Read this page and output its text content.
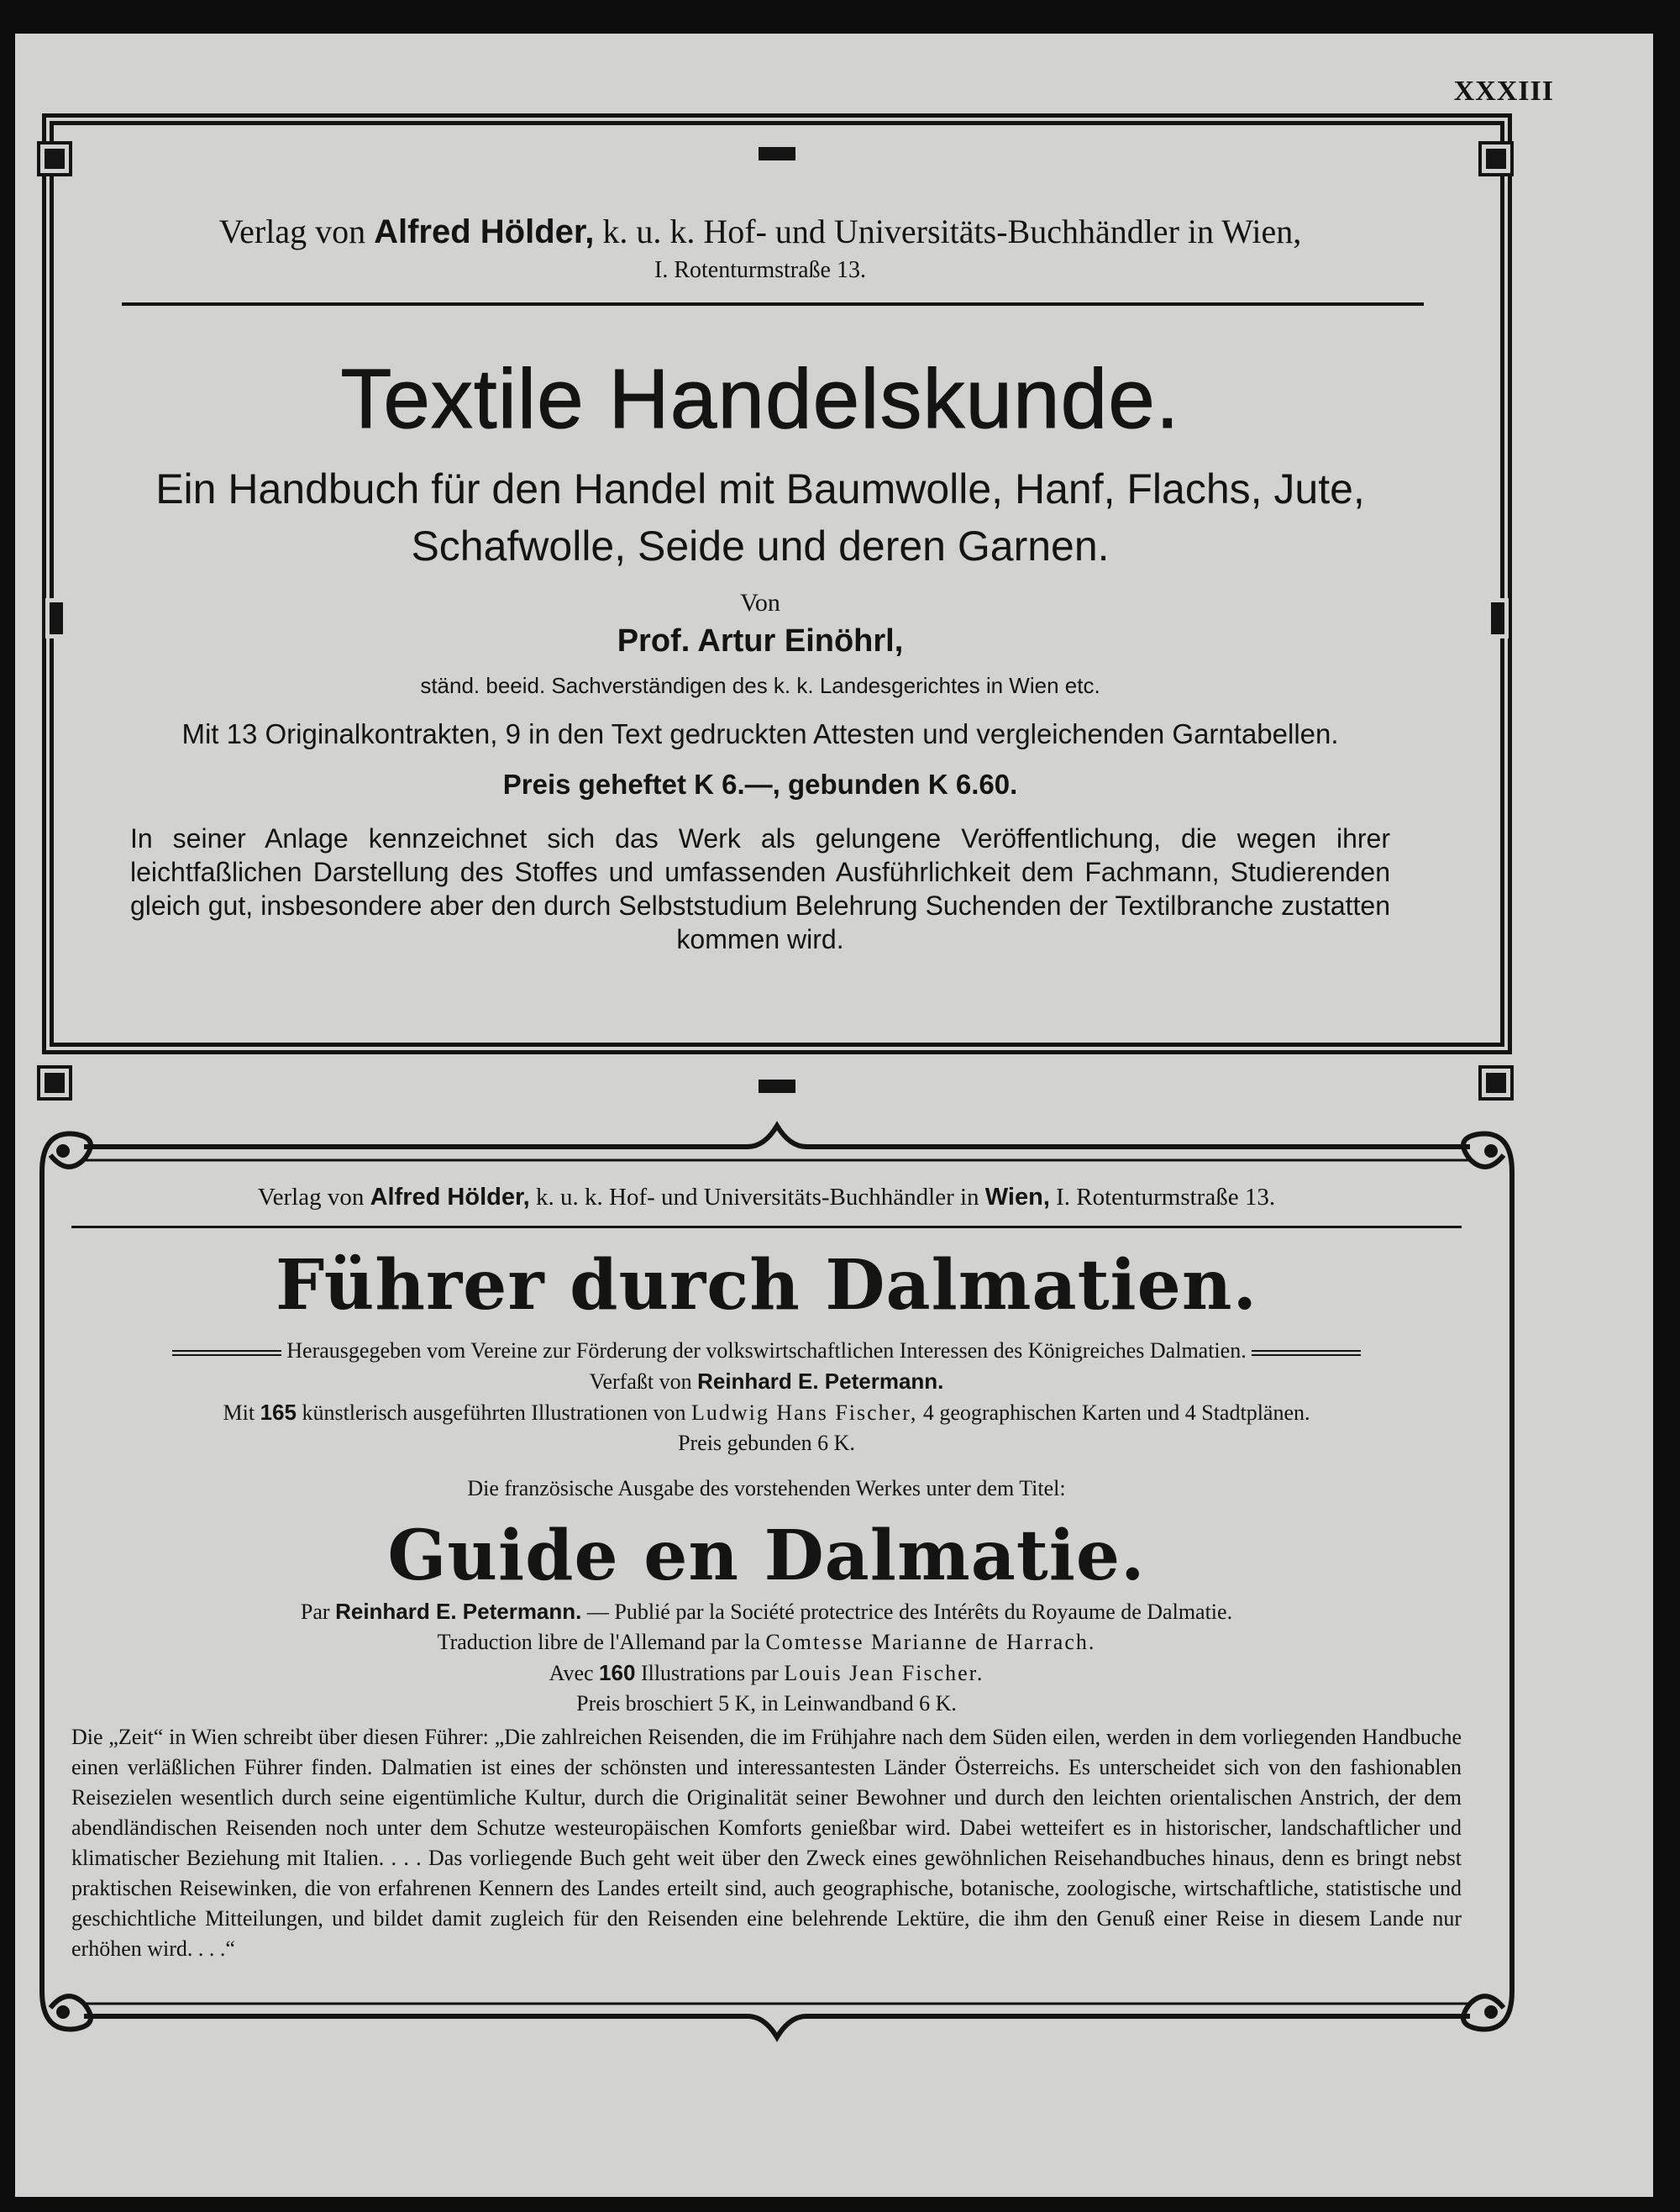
XXXIII
Verlag von Alfred Hölder, k. u. k. Hof- und Universitäts-Buchhändler in Wien,
I. Rotenturmstraße 13.
Textile Handelskunde.
Ein Handbuch für den Handel mit Baumwolle, Hanf, Flachs, Jute,
Schafwolle, Seide und deren Garnen.
Von
Prof. Artur Einöhrl,
ständ. beeid. Sachverständigen des k. k. Landesgerichtes in Wien etc.
Mit 13 Originalkontrakten, 9 in den Text gedruckten Attesten und vergleichenden Garntabellen.
Preis geheftet K 6.—, gebunden K 6.60.
In seiner Anlage kennzeichnet sich das Werk als gelungene Veröffentlichung, die wegen ihrer leichtfaßlichen Darstellung des Stoffes und umfassenden Ausführlichkeit dem Fachmann, Studierenden gleich gut, insbesondere aber den durch Selbststudium Belehrung Suchenden der Textilbranche zustatten kommen wird.
Verlag von Alfred Hölder, k. u. k. Hof- und Universitäts-Buchhändler in Wien, I. Rotenturmstraße 13.
Führer durch Dalmatien.
Herausgegeben vom Vereine zur Förderung der volkswirtschaftlichen Interessen des Königreiches Dalmatien.
Verfaßt von Reinhard E. Petermann.
Mit 165 künstlerisch ausgeführten Illustrationen von Ludwig Hans Fischer, 4 geographischen Karten und 4 Stadtplänen.
Preis gebunden 6 K.
Die französische Ausgabe des vorstehenden Werkes unter dem Titel:
Guide en Dalmatie.
Par Reinhard E. Petermann. — Publié par la Société protectrice des Intérêts du Royaume de Dalmatie.
Traduction libre de l'Allemand par la Comtesse Marianne de Harrach.
Avec 160 Illustrations par Louis Jean Fischer.
Preis broschiert 5 K, in Leinwandband 6 K.
Die „Zeit“ in Wien schreibt über diesen Führer: „Die zahlreichen Reisenden, die im Frühjahre nach dem Süden eilen, werden in dem vorliegenden Handbuche einen verläßlichen Führer finden. Dalmatien ist eines der schönsten und interessantesten Länder Österreichs. Es unterscheidet sich von den fashionablen Reisezielen wesentlich durch seine eigentümliche Kultur, durch die Originalität seiner Bewohner und durch den leichten orientalischen Anstrich, der dem abendländischen Reisenden noch unter dem Schutze westeuropäischen Komforts genießbar wird. Dabei wetteifert es in historischer, landschaftlicher und klimatischer Beziehung mit Italien. . . . Das vorliegende Buch geht weit über den Zweck eines gewöhnlichen Reisehandbuches hinaus, denn es bringt nebst praktischen Reisewinken, die von erfahrenen Kennern des Landes erteilt sind, auch geographische, botanische, zoologische, wirtschaftliche, statistische und geschichtliche Mitteilungen, und bildet damit zugleich für den Reisenden eine belehrende Lektüre, die ihm den Genuß einer Reise in diesem Lande nur erhöhen wird. . . .“
